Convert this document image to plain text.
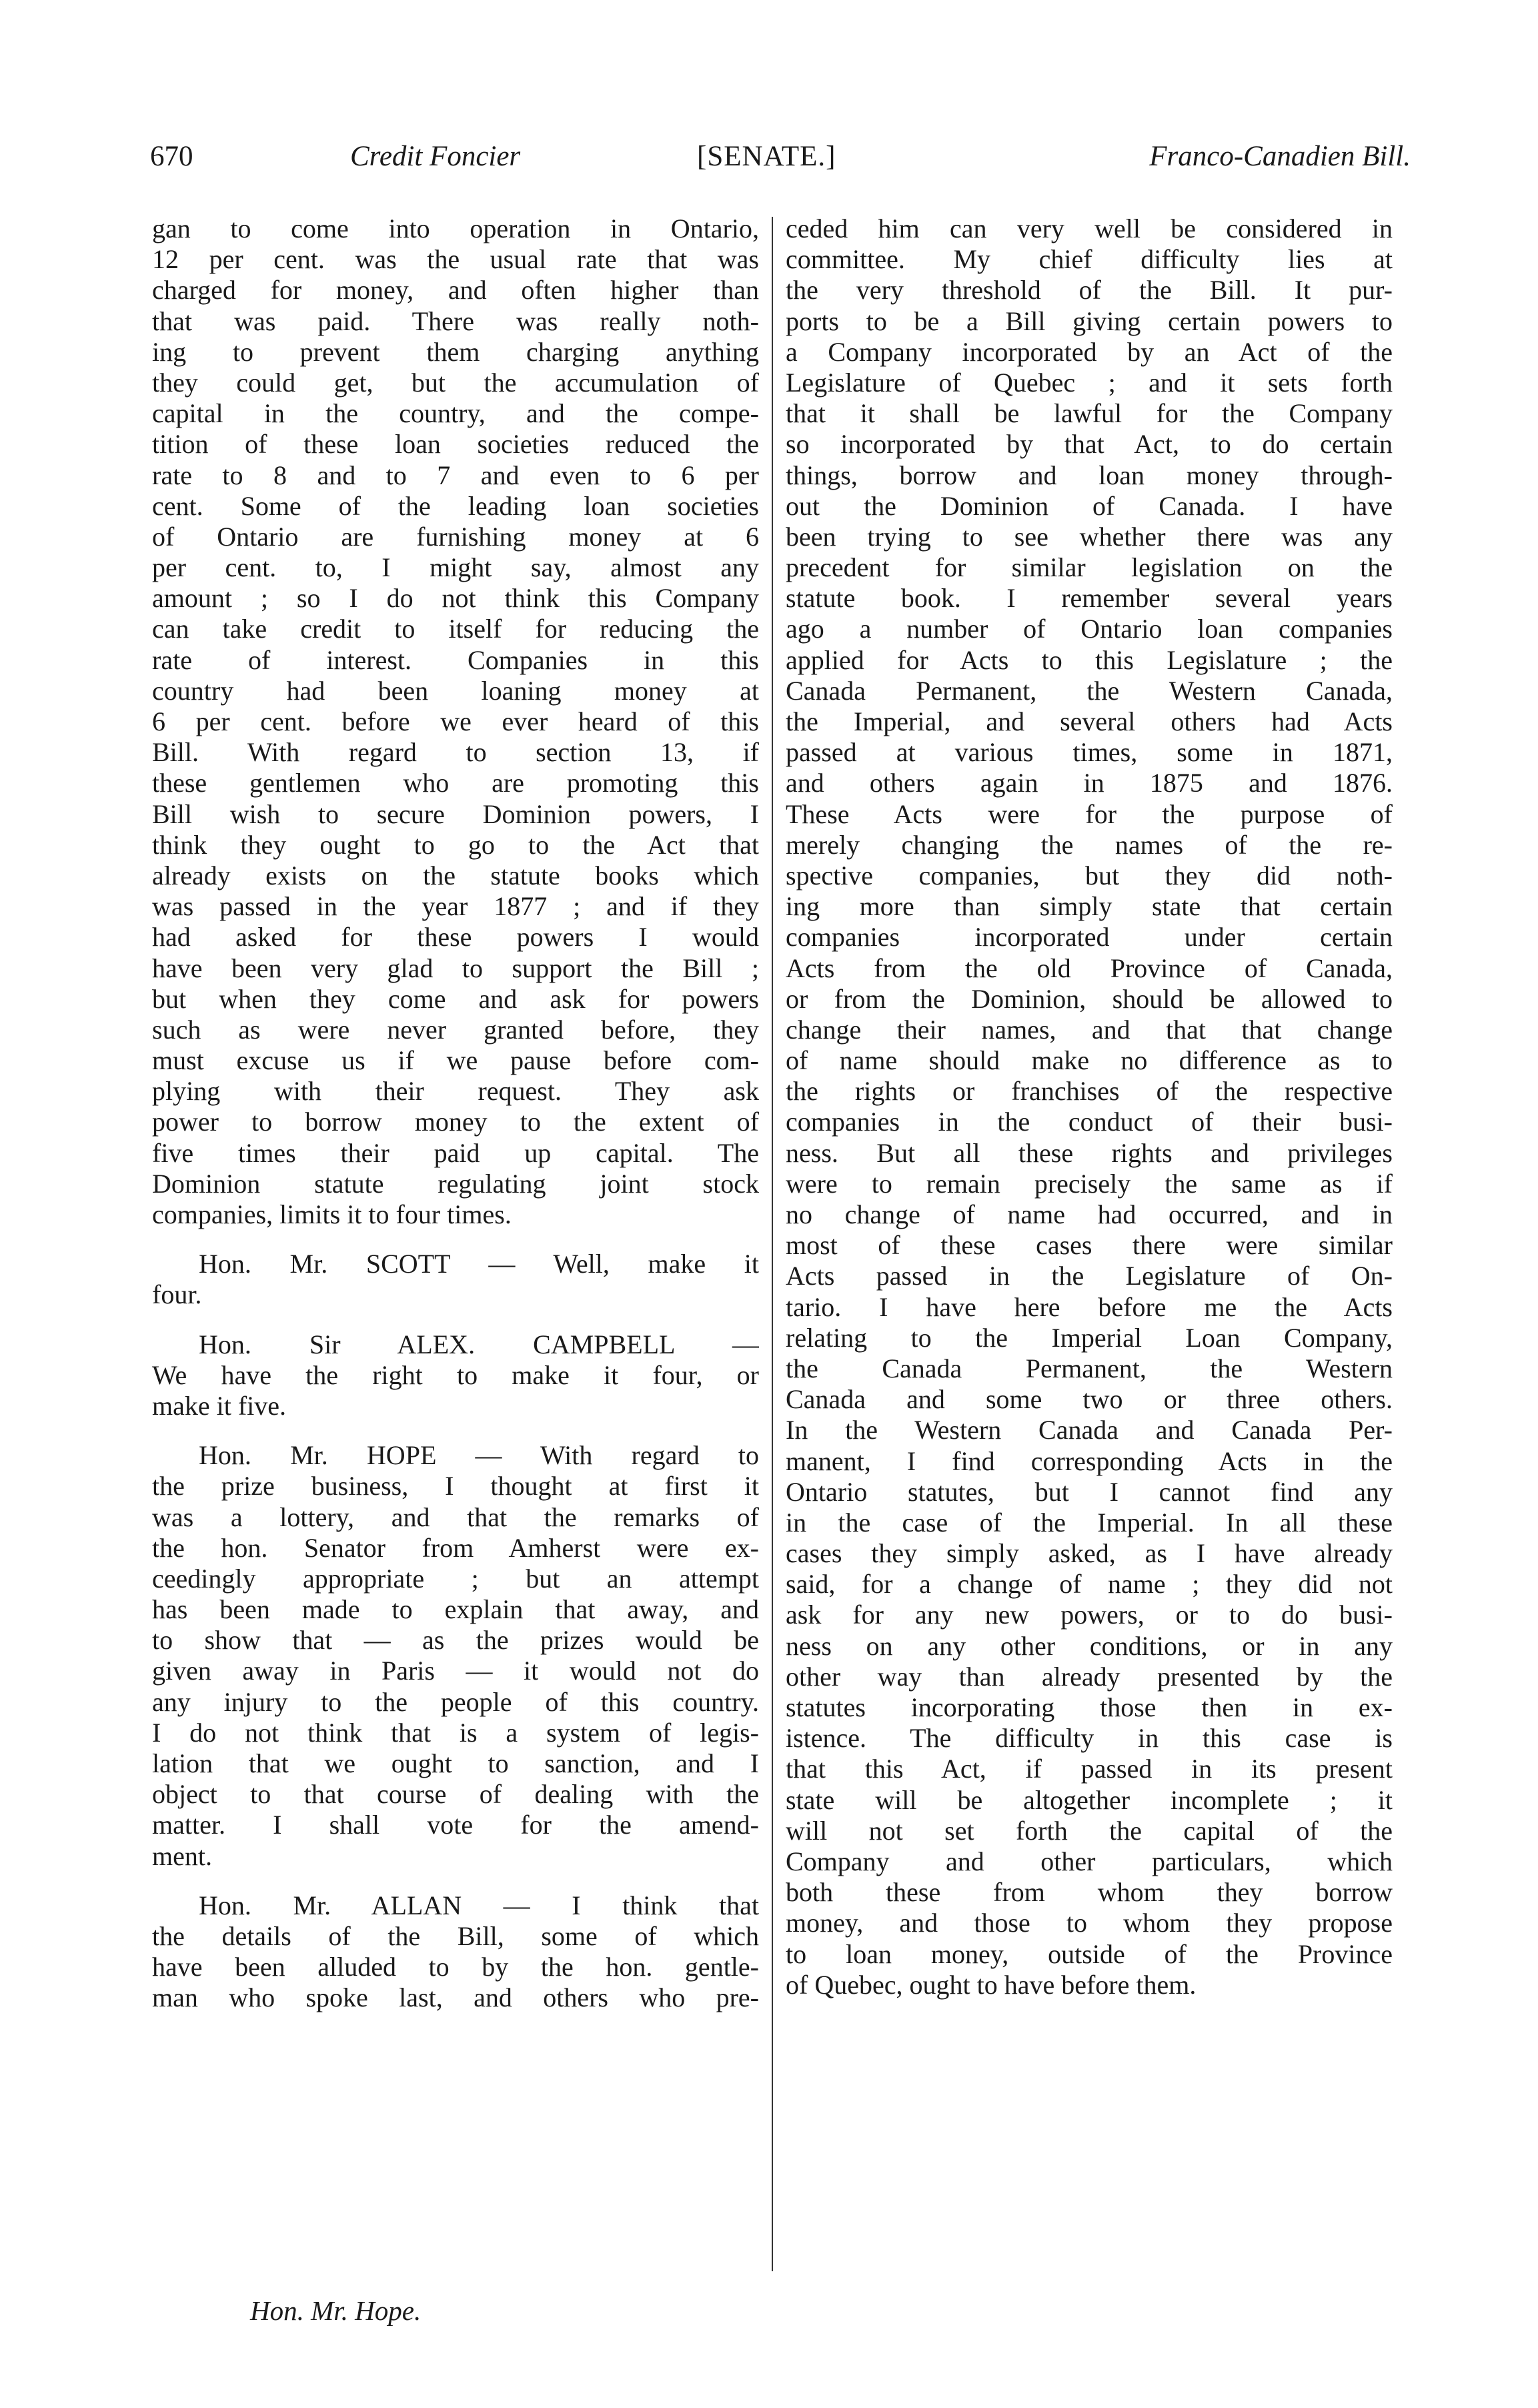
670	Credit Foncier	[SENATE.]	Franco-Canadien Bill.
gan to come into operation in Ontario,
12 per cent. was the usual rate that was
charged for money, and often higher than
that was paid. There was really noth-
ing to prevent them charging anything
they could get, but the accumulation of
capital in the country, and the compe-
tition of these loan societies reduced the
rate to 8 and to 7 and even to 6 per
cent. Some of the leading loan societies
of Ontario are furnishing money at 6
per cent. to, I might say, almost any
amount ; so I do not think this Company
can take credit to itself for reducing the
rate of interest. Companies in this
country had been loaning money at
6 per cent. before we ever heard of this
Bill. With regard to section 13, if
these gentlemen who are promoting this
Bill wish to secure Dominion powers, I
think they ought to go to the Act that
already exists on the statute books which
was passed in the year 1877 ; and if they
had asked for these powers I would
have been very glad to support the Bill ;
but when they come and ask for powers
such as were never granted before, they
must excuse us if we pause before com-
plying with their request. They ask
power to borrow money to the extent of
five times their paid up capital. The
Dominion statute regulating joint stock
companies, limits it to four times.
Hon. Mr. SCOTT — Well, make it
four.
Hon. Sir ALEX. CAMPBELL —
We have the right to make it four, or
make it five.
Hon. Mr. HOPE — With regard to
the prize business, I thought at first it
was a lottery, and that the remarks of
the hon. Senator from Amherst were ex-
ceedingly appropriate ; but an attempt
has been made to explain that away, and
to show that — as the prizes would be
given away in Paris — it would not do
any injury to the people of this country.
I do not think that is a system of legis-
lation that we ought to sanction, and I
object to that course of dealing with the
matter. I shall vote for the amend-
ment.
Hon. Mr. ALLAN — I think that
the details of the Bill, some of which
have been alluded to by the hon. gentle-
man who spoke last, and others who pre-
ceded him can very well be considered in
committee. My chief difficulty lies at
the very threshold of the Bill. It pur-
ports to be a Bill giving certain powers to
a Company incorporated by an Act of the
Legislature of Quebec ; and it sets forth
that it shall be lawful for the Company
so incorporated by that Act, to do certain
things, borrow and loan money through-
out the Dominion of Canada. I have
been trying to see whether there was any
precedent for similar legislation on the
statute book. I remember several years
ago a number of Ontario loan companies
applied for Acts to this Legislature ; the
Canada Permanent, the Western Canada,
the Imperial, and several others had Acts
passed at various times, some in 1871,
and others again in 1875 and 1876.
These Acts were for the purpose of
merely changing the names of the re-
spective companies, but they did noth-
ing more than simply state that certain
companies incorporated under certain
Acts from the old Province of Canada,
or from the Dominion, should be allowed to
change their names, and that that change
of name should make no difference as to
the rights or franchises of the respective
companies in the conduct of their busi-
ness. But all these rights and privileges
were to remain precisely the same as if
no change of name had occurred, and in
most of these cases there were similar
Acts passed in the Legislature of On-
tario. I have here before me the Acts
relating to the Imperial Loan Company,
the Canada Permanent, the Western
Canada and some two or three others.
In the Western Canada and Canada Per-
manent, I find corresponding Acts in the
Ontario statutes, but I cannot find any
in the case of the Imperial. In all these
cases they simply asked, as I have already
said, for a change of name ; they did not
ask for any new powers, or to do busi-
ness on any other conditions, or in any
other way than already presented by the
statutes incorporating those then in ex-
istence. The difficulty in this case is
that this Act, if passed in its present
state will be altogether incomplete ; it
will not set forth the capital of the
Company and other particulars, which
both these from whom they borrow
money, and those to whom they propose
to loan money, outside of the Province
of Quebec, ought to have before them.
Hon. Mr. Hope.
